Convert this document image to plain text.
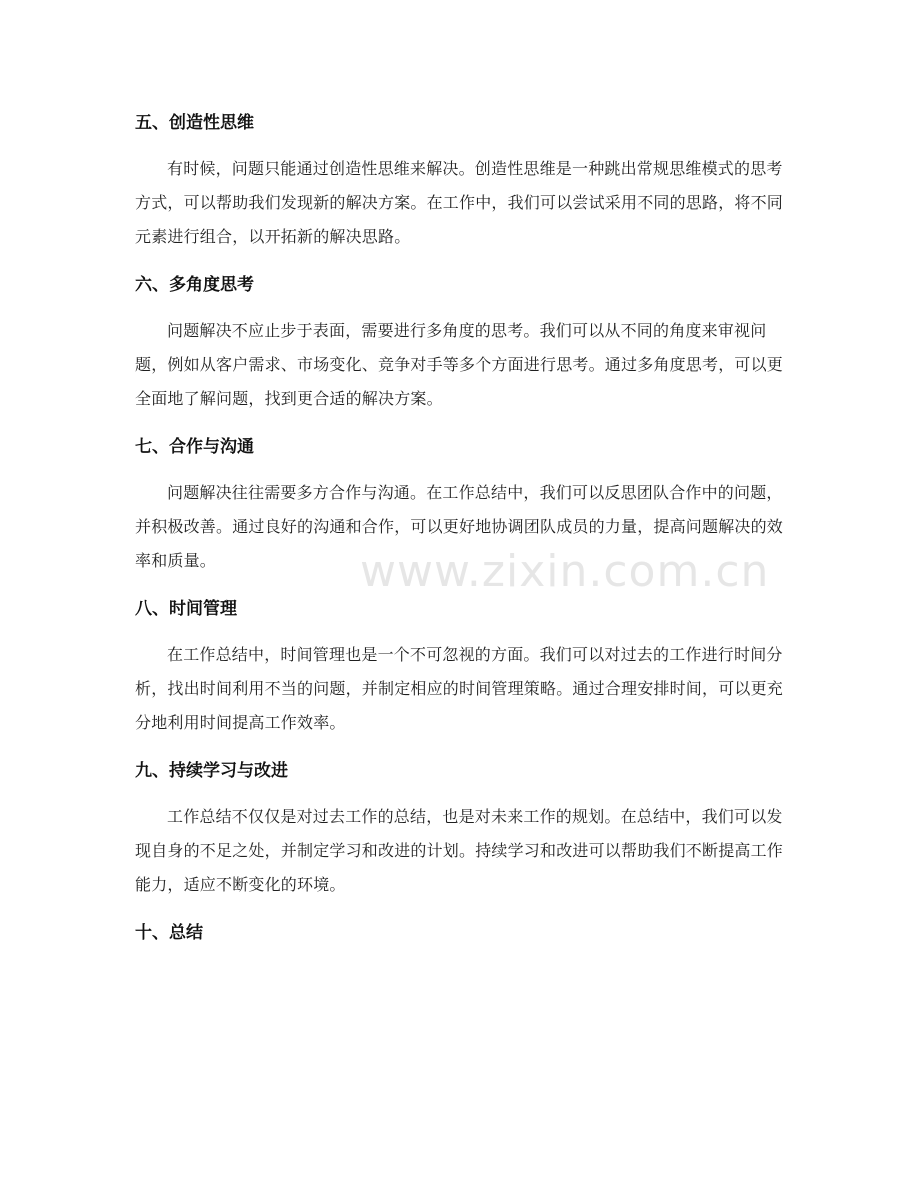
www.zixin.com.cn
五、创造性思维

有时候，问题只能通过创造性思维来解决。创造性思维是一种跳出常规思维模式的思考方式，可以帮助我们发现新的解决方案。在工作中，我们可以尝试采用不同的思路，将不同元素进行组合，以开拓新的解决思路。

六、多角度思考

问题解决不应止步于表面，需要进行多角度的思考。我们可以从不同的角度来审视问题，例如从客户需求、市场变化、竞争对手等多个方面进行思考。通过多角度思考，可以更全面地了解问题，找到更合适的解决方案。

七、合作与沟通

问题解决往往需要多方合作与沟通。在工作总结中，我们可以反思团队合作中的问题，并积极改善。通过良好的沟通和合作，可以更好地协调团队成员的力量，提高问题解决的效率和质量。

八、时间管理

在工作总结中，时间管理也是一个不可忽视的方面。我们可以对过去的工作进行时间分析，找出时间利用不当的问题，并制定相应的时间管理策略。通过合理安排时间，可以更充分地利用时间提高工作效率。

九、持续学习与改进

工作总结不仅仅是对过去工作的总结，也是对未来工作的规划。在总结中，我们可以发现自身的不足之处，并制定学习和改进的计划。持续学习和改进可以帮助我们不断提高工作能力，适应不断变化的环境。

十、总结
